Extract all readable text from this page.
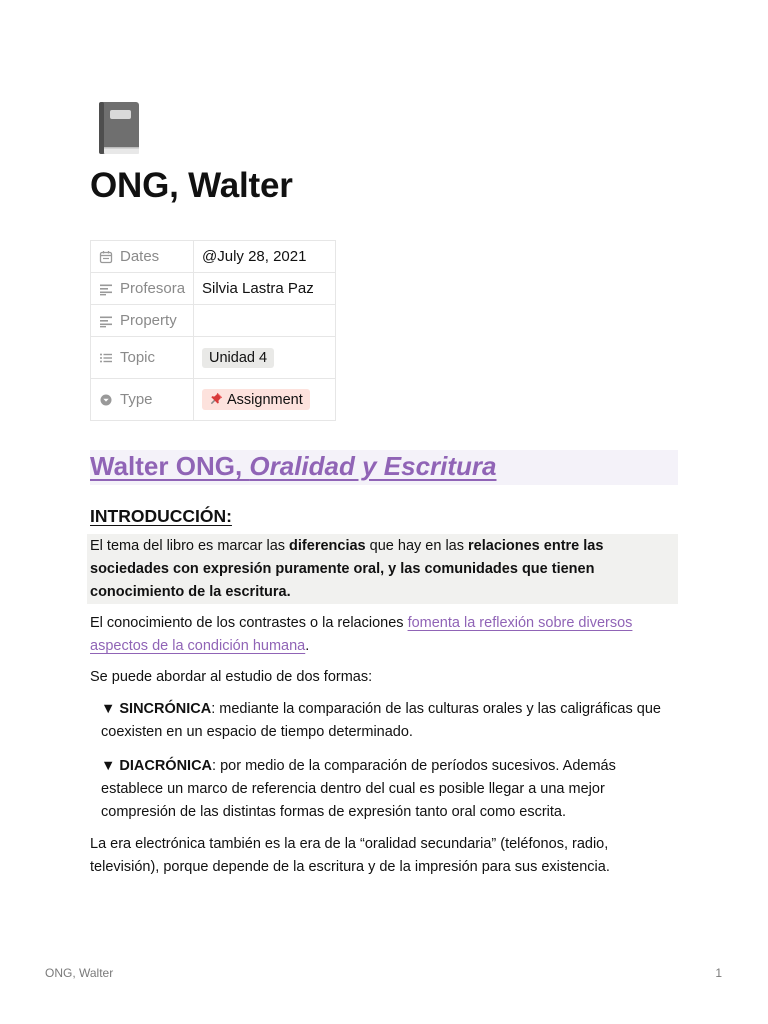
ONG, Walter
Dates	@July 28, 2021

Profesora	Silvia Lastra Paz

Property	

Topic	Unidad 4

Type	Assignment
Walter ONG, Oralidad y Escritura
INTRODUCCIÓN:
El tema del libro es marcar las diferencias que hay en las relaciones entre las sociedades con expresión puramente oral, y las comunidades que tienen conocimiento de la escritura.
El conocimiento de los contrastes o la relaciones fomenta la reflexión sobre diversos aspectos de la condición humana.
Se puede abordar al estudio de dos formas:
▼ SINCRÓNICA: mediante la comparación de las culturas orales y las caligráficas que coexisten en un espacio de tiempo determinado.
▼ DIACRÓNICA: por medio de la comparación de períodos sucesivos. Además establece un marco de referencia dentro del cual es posible llegar a una mejor compresión de las distintas formas de expresión tanto oral como escrita.
La era electrónica también es la era de la “oralidad secundaria” (teléfonos, radio, televisión), porque depende de la escritura y de la impresión para sus existencia.
ONG, Walter	1
